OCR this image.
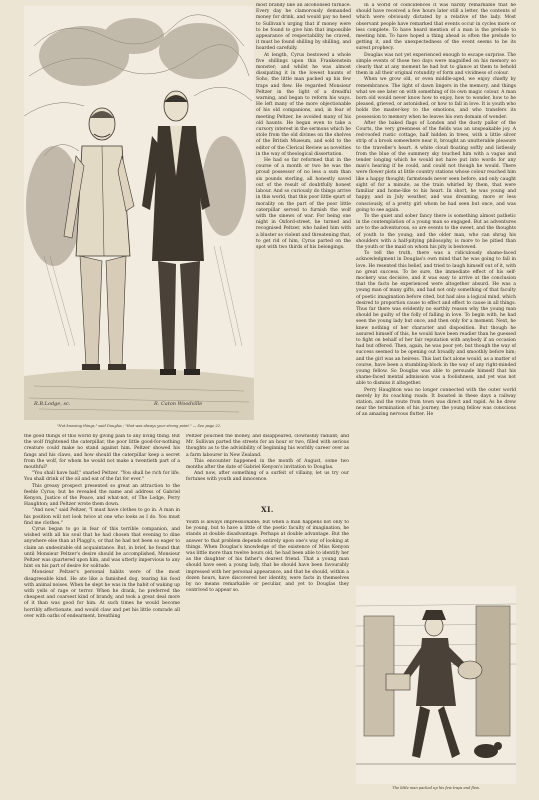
R.B.Lodge, sc.	R. Caton Woodville
"Not knowing things," said Douglas ; "that was always your strong point." — See page 22.

most brandy like an alcoholised furnace. Every day he clamorously demanded money for drink, and would pay no heed to Sullivan's urging that if money were to be found to give him that impossible appearance of respectability he craved, it must be found shilling by shilling, and hoarded carefully.

At length, Cyrus bestowed a whole five shillings upon this Frankenstein monster; and whilst he was almost dissipating it in the lowest haunts of Soho, the little man packed up his few traps and flew. He regarded Monsieur Peltzer in the light of a dreadful warning, and began to reform his ways. He left many of the more objectionable of his old companions, and, in fear of meeting Peltzer, he avoided many of his old haunts. He began even to take a cursory interest in the sermons which he stole from the old divines on the shelves of the British Museum, and sold to the editor of the Clerical Review as novelties in the way of theological dissertation.

He had so far reformed that in the course of a month or two he was the proud possessor of no less a sum than six pounds sterling, all honestly saved out of the result of doubtfully honest labour. And so curiously do things arrive in this world, that this poor little spurt of morality on the part of the poor little caterpillar served to furnish the wolf with the sinews of war. For being one night in Oxford-street, he turned and recognised Peltzer, who hailed him with a bluster so violent and threatening that, to get rid of him, Cyrus parted on the spot with two thirds of his belongings.

the good things of this world by giving pain to any living thing. But the wolf frightened the caterpillar, the poor little good-for-nothing creature could make no stand against him. Peltzer showed his fangs and his claws, and how should the caterpillar keep a secret from the wolf, for whom he would not make a twentieth part of a mouthful?

"You shall have half," snarled Peltzer. "You shall be rich for life. You shall drink of the oil and eat of the fat for ever."

This greasy prospect presented so great an attraction to the feeble Cyrus; but he revealed the name and address of Gabriel Kenyon, Justice of the Peace, and what-not, of The Lodge, Perry Haughton; and Peltzer wrote them down.

"And now," said Peltzer, "I must have clothes to go in. A man in his position will not look twice at one who looks as I do. You must find me clothes."

Cyrus began to go in fear of this terrible companion, and wished with all his soul that he had chosen that evening to dine anywhere else than at Plaggi's, or that he had not been so eager to claim an undesirable old acquaintance. But, in brief, he found that until Monsieur Peltzer's desire should be accomplished, Monsieur Peltzer was quartered upon him, and was utterly impervious to any hint on his part of desire for solitude.

Monsieur Peltzer's personal habits were of the most disagreeable kind. He ate like a famished dog, tearing his food with animal noises. When he slept he was in the habit of waking up with yells of rage or terror. When he drank, he preferred the cheapest and coarsest kind of brandy, and took a great deal more of it than was good for him. At such times he would become horribly affectionate, and would claw and pet his little comrade all over with oaths of endearment, breathing

Peltzer pouched the money, and disappeared, clownishly radiant; and Mr. Sullivan parted the streets for an hour or two, filled with serious thoughts as to the advisibility of beginning his worldly career over as a farm labourer in New Zealand.

This encounter happened in the month of August, some two months after the date of Gabriel Kenyon's invitation to Douglas.

And now, after something of a surfeit of villainy, let us try our fortunes with youth and innocence.

XI.

Youth is always impressionable; but when a man happens not only to be young, but to have a little of the poetic faculty of imagination, he stands at double disadvantage. Perhaps at double advantage. But the answer to that problem depends entirely upon one's way of looking at things. When Douglas's knowledge of the existence of Miss Kenyon was little more than twelve hours old, he had been able to identify her as the daughter of his father's dearest friend. That a young man should have seen a young lady, that he should have been favourably impressed with her personal appearance, and that he should, within a dozen hours, have discovered her identity, were facts in themselves by no means remarkable or peculiar, and yet to Douglas they contrived to appear so.

In a world of coincidences it was hardly remarkable that he should have received a few hours later still a letter, the contents of which were obviously dictated by a relative of the lady. Most observant people have remarked that events occur in cycles more or less complete. To have heard mention of a man is the prelude to meeting him. To have hoped a thing ahead is often the prelude to getting it, and the unexpectedness of the event seems to be its surest prophecy.

Douglas was not yet experienced enough to escape surprise. The simple events of those two days were magnified on his memory so clearly that at any moment he had but to glance at them to behold them in all their original rotundity of form and vividness of colour.

When we grow old, or even middle-aged, we enjoy chiefly by remembrance. The light of dawn lingers in the memory, and things what we see later on with something of its own magic colour. A man born old would never know how to enjoy, how to wonder, how to be pleased, grieved, or astonished, or how to fall in love. It is youth who holds the master-key to the emotions, and who transfers its possession to memory when he leaves his own domain of wonder.

After the baked flags of London and the dusty pallor of the Courts, the very greenness of the fields was an unspeakable joy. A red-roofed rustic cottage, half hidden in trees, with a little silver strip of a brook somewhere near it, brought an unutterable pleasure to the traveller's heart. A white cloud floating softly and listlessly from the blue of the summery sky touched him with a vague and tender longing which he would not have put into words for any man's hearing if he could, and could not though he would. There were flower plots at little country stations whose colour reached him like a happy thought; farmsteads never seen before, and only caught sight of for a minute, as the train whirled by them, that were familiar and home-like to his heart. In short, he was young and happy, and in July weather, and was dreaming, more or less consciously, of a pretty girl whom he had seen but once, and was going to see again.

To the quiet and sober fancy there is something almost pathetic in the contemplation of a young man so engaged. But as adventures are to the adventurous, so are events to the sweet, and the thoughts of youth to the young; and the older man, who can shrug his shoulders with a half-pitying philosophy, is more to be pitied than the youth or the maid on whom his pity is bestowed.

To tell the truth, there was a ridiculously shame-faced acknowledgment in Douglas's own mind that he was going to fall in love. He resented this belief, and tried to laugh himself out of it, with no great success. To be sure, the immediate effect of his self-mockery was decisive, and it was easy to arrive at the conclusion that the facts he experienced were altogether absurd. He was a young man of many gifts, and had not only something of that faculty of poetic imagination before cited, but had also a logical mind, which desired to proportion cause to effect and effect to cause in all things. Thus far there was evidently no earthly reason why the young man should be guilty of the folly of falling in love. To begin with, he had seen the young lady but once, and then only for a moment. Next, he knew nothing of her character and disposition. But though he assured himself of this, he would have been readier than he guessed to fight on behalf of her fair reputation with anybody if an occasion had but offered. Then, again, he was poor yet; but though the way of success seemed to be opening out broadly and smoothly before him; and the girl was an heiress. This last fact alone would, as a matter of course, have been a stumbling-block in the way of any right-minded young fellow. So Douglas was able to persuade himself that his shame-faced mental admission was a foolishness, and yet was not able to dismiss it altogether.

Perry Haughton was no longer connected with the outer world merely by its coaching roads. It boasted in these days a railway station, and the route from town was direct and rapid. As he drew near the termination of his journey, the young fellow was conscious of an amazing nervous flutter. He

The little man packed up his few traps and flew.
